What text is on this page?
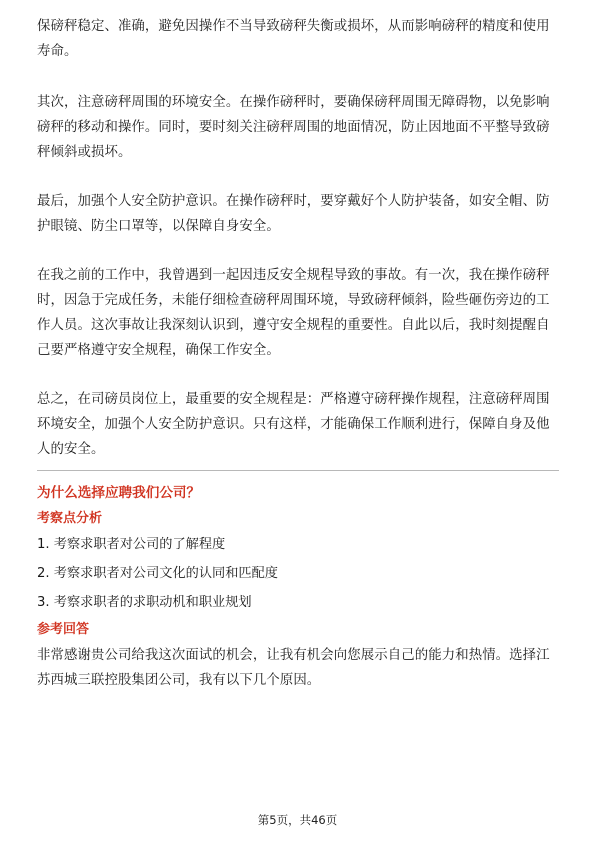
保磅秤稳定、准确，避免因操作不当导致磅秤失衡或损坏，从而影响磅秤的精度和使用寿命。

其次，注意磅秤周围的环境安全。在操作磅秤时，要确保磅秤周围无障碍物，以免影响磅秤的移动和操作。同时，要时刻关注磅秤周围的地面情况，防止因地面不平整导致磅秤倾斜或损坏。

最后，加强个人安全防护意识。在操作磅秤时，要穿戴好个人防护装备，如安全帽、防护眼镜、防尘口罩等，以保障自身安全。

在我之前的工作中，我曾遇到一起因违反安全规程导致的事故。有一次，我在操作磅秤时，因急于完成任务，未能仔细检查磅秤周围环境，导致磅秤倾斜，险些砸伤旁边的工作人员。这次事故让我深刻认识到，遵守安全规程的重要性。自此以后，我时刻提醒自己要严格遵守安全规程，确保工作安全。

总之，在司磅员岗位上，最重要的安全规程是：严格遵守磅秤操作规程，注意磅秤周围环境安全，加强个人安全防护意识。只有这样，才能确保工作顺利进行，保障自身及他人的安全。

为什么选择应聘我们公司？
考察点分析
1. 考察求职者对公司的了解程度
2. 考察求职者对公司文化的认同和匹配度
3. 考察求职者的求职动机和职业规划
参考回答

非常感谢贵公司给我这次面试的机会，让我有机会向您展示自己的能力和热情。选择江苏西城三联控股集团公司，我有以下几个原因。

第5页，共46页
